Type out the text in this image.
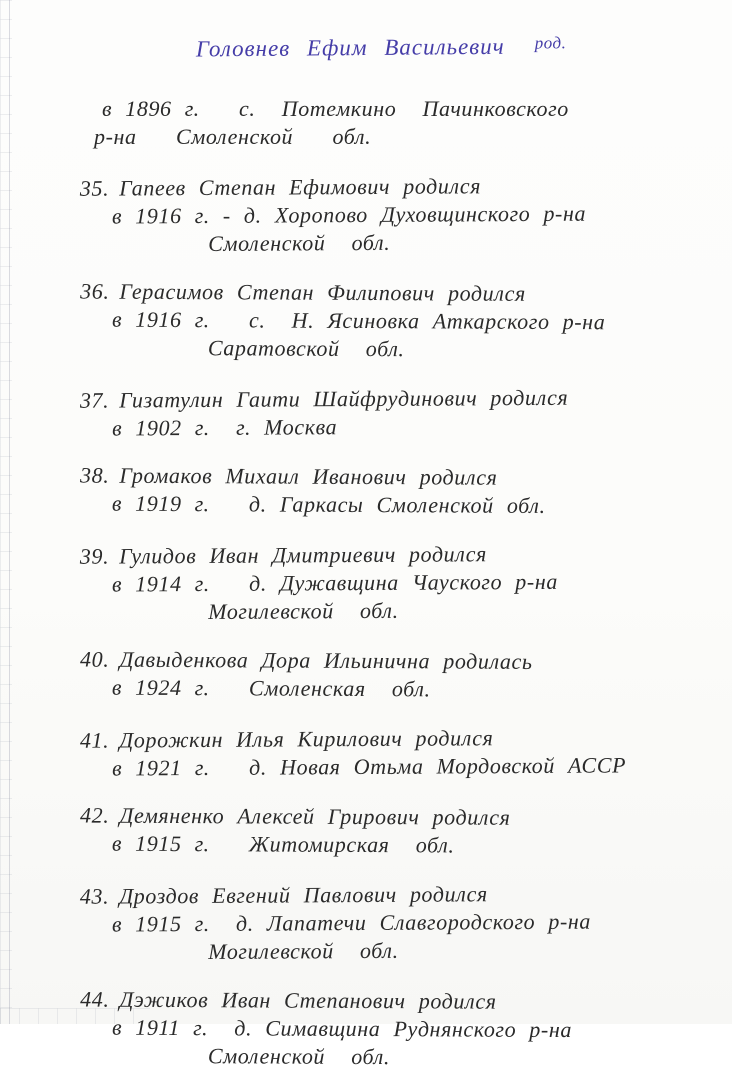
Головнев Ефим Васильевич $^{род.}$

в 1896 г.   с.  Потемкино  Пачинковского
р-на   Смоленской   обл.
35. Гапеев Степан Ефимович родился
в 1916 г. - д. Хоропово Духовщинского р-на
Смоленской  обл.
36. Герасимов Степан Филипович родился
в 1916 г.   с.  Н. Ясиновка Аткарского р-на
Саратовской  обл.
37. Гизатулин Гаити Шайфрудинович родился
в 1902 г.  г. Москва
38. Громаков Михаил Иванович родился
в 1919 г.   д. Гаркасы Смоленской обл.
39. Гулидов Иван Дмитриевич родился
в 1914 г.   д. Дужавщина Чауского р-на
Могилевской  обл.
40. Давыденкова Дора Ильинична родилась
в 1924 г.   Смоленская  обл.
41. Дорожкин Илья Кирилович родился
в 1921 г.   д. Новая Отьма Мордовской АССР
42. Демяненко Алексей Грирович родился
в 1915 г.   Житомирская  обл.
43. Дроздов Евгений Павлович родился
в 1915 г.  д. Лапатечи Славгородского р-на
Могилевской  обл.
44. Дэжиков Иван Степанович родился
в 1911 г.  д. Симавщина Руднянского р-на
Смоленской  обл.
